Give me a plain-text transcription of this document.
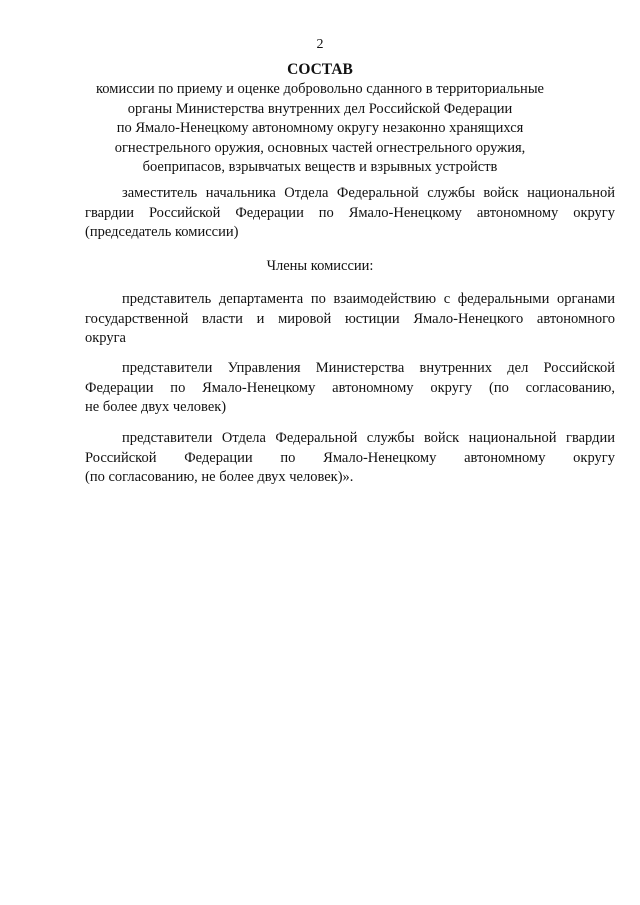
2
СОСТАВ
комиссии по приему и оценке добровольно сданного в территориальные
органы Министерства внутренних дел Российской Федерации
по Ямало-Ненецкому автономному округу незаконно хранящихся
огнестрельного оружия, основных частей огнестрельного оружия,
боеприпасов, взрывчатых веществ и взрывных устройств
заместитель начальника Отдела Федеральной службы войск национальной
гвардии Российской Федерации по Ямало-Ненецкому автономному округу
(председатель комиссии)
Члены комиссии:
представитель департамента по взаимодействию с федеральными органами
государственной власти и мировой юстиции Ямало-Ненецкого автономного
округа
представители Управления Министерства внутренних дел Российской
Федерации по Ямало-Ненецкому автономному округу (по согласованию,
не более двух человек)
представители Отдела Федеральной службы войск национальной гвардии
Российской Федерации по Ямало-Ненецкому автономному округу
(по согласованию, не более двух человек)».
